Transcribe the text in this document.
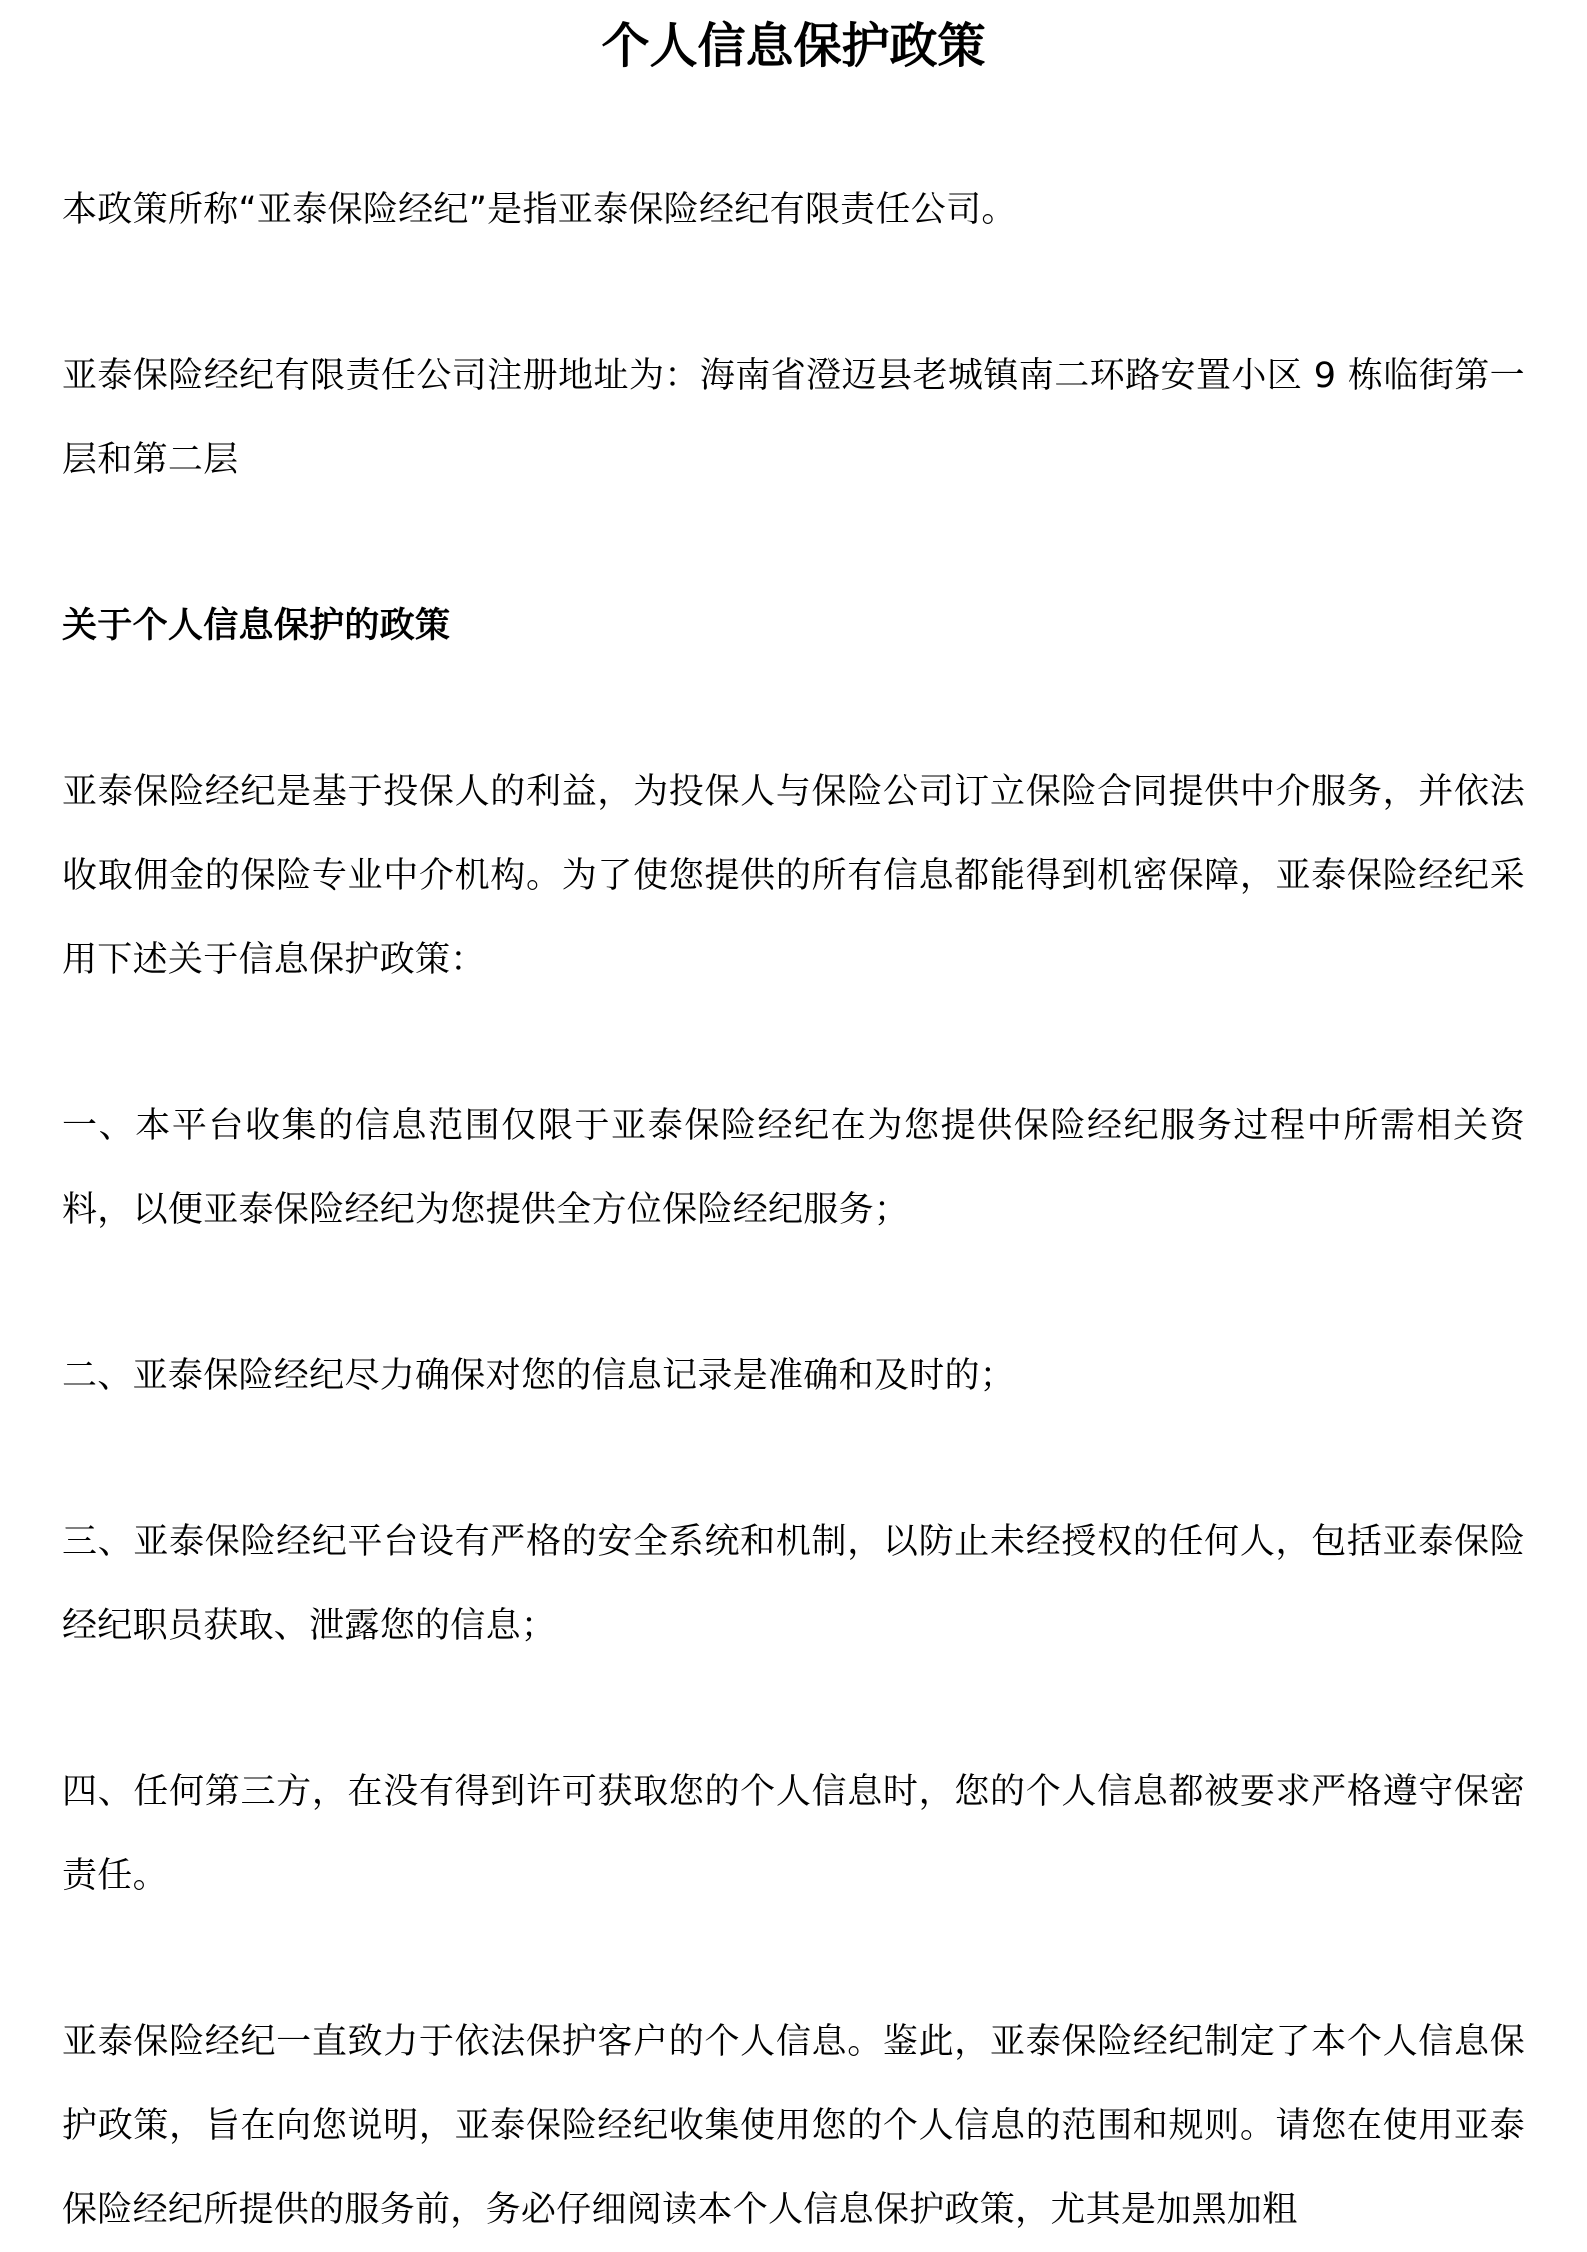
个人信息保护政策

本政策所称“亚泰保险经纪”是指亚泰保险经纪有限责任公司。

亚泰保险经纪有限责任公司注册地址为：海南省澄迈县老城镇南二环路安置小区 9 栋临街第一层和第二层

关于个人信息保护的政策

亚泰保险经纪是基于投保人的利益，为投保人与保险公司订立保险合同提供中介服务，并依法收取佣金的保险专业中介机构。为了使您提供的所有信息都能得到机密保障，亚泰保险经纪采用下述关于信息保护政策：

一、本平台收集的信息范围仅限于亚泰保险经纪在为您提供保险经纪服务过程中所需相关资料，以便亚泰保险经纪为您提供全方位保险经纪服务；

二、亚泰保险经纪尽力确保对您的信息记录是准确和及时的；

三、亚泰保险经纪平台设有严格的安全系统和机制，以防止未经授权的任何人，包括亚泰保险经纪职员获取、泄露您的信息；

四、任何第三方，在没有得到许可获取您的个人信息时，您的个人信息都被要求严格遵守保密责任。

亚泰保险经纪一直致力于依法保护客户的个人信息。鉴此，亚泰保险经纪制定了本个人信息保护政策，旨在向您说明，亚泰保险经纪收集使用您的个人信息的范围和规则。请您在使用亚泰保险经纪所提供的服务前，务必仔细阅读本个人信息保护政策，尤其是加黑加粗
